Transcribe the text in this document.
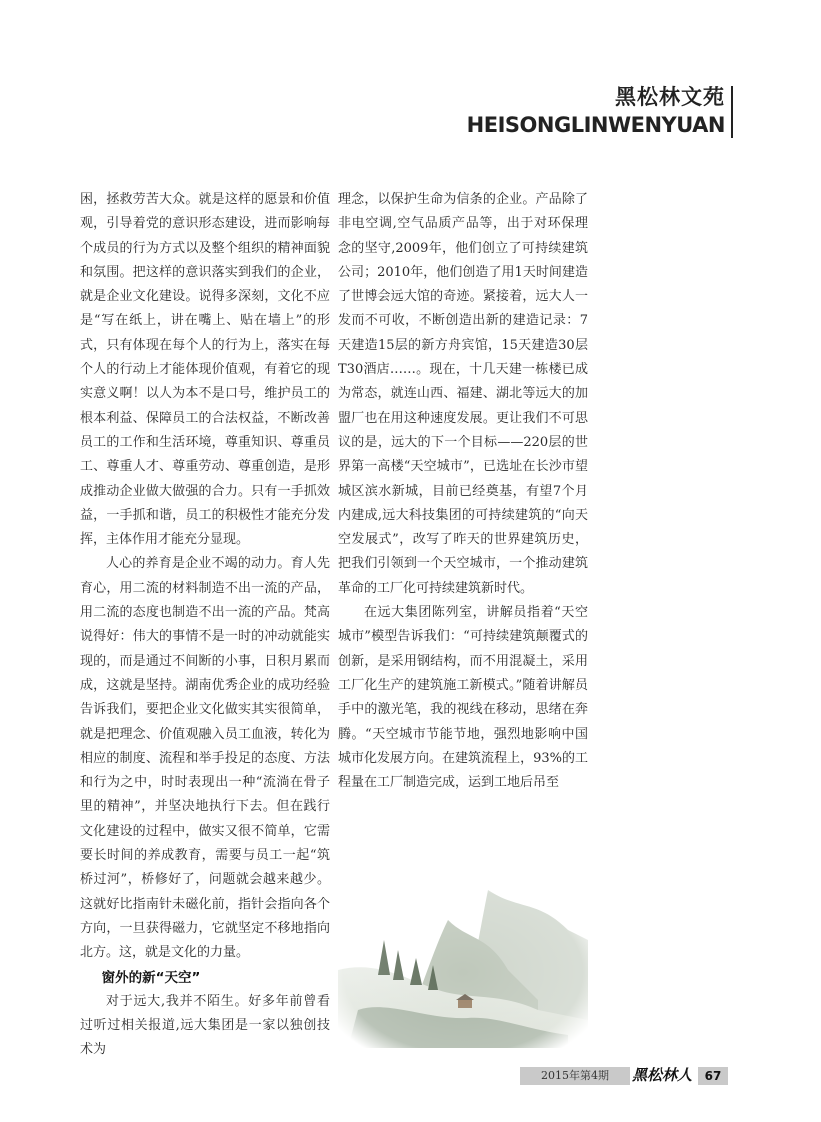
黑松林文苑
HEISONGLINWENYUAN

困，拯救劳苦大众。就是这样的愿景和价值观，引导着党的意识形态建设，进而影响每个成员的行为方式以及整个组织的精神面貌和氛围。把这样的意识落实到我们的企业，就是企业文化建设。说得多深刻，文化不应是“写在纸上，讲在嘴上、贴在墙上”的形式，只有体现在每个人的行为上，落实在每个人的行动上才能体现价值观，有着它的现实意义啊！以人为本不是口号，维护员工的根本利益、保障员工的合法权益，不断改善员工的工作和生活环境，尊重知识、尊重员工、尊重人才、尊重劳动、尊重创造，是形成推动企业做大做强的合力。只有一手抓效益，一手抓和谐，员工的积极性才能充分发挥，主体作用才能充分显现。

人心的养育是企业不竭的动力。育人先育心，用二流的材料制造不出一流的产品，用二流的态度也制造不出一流的产品。梵高说得好：伟大的事情不是一时的冲动就能实现的，而是通过不间断的小事，日积月累而成，这就是坚持。湖南优秀企业的成功经验告诉我们，要把企业文化做实其实很简单，就是把理念、价值观融入员工血液，转化为相应的制度、流程和举手投足的态度、方法和行为之中，时时表现出一种“流淌在骨子里的精神”，并坚决地执行下去。但在践行文化建设的过程中，做实又很不简单，它需要长时间的养成教育，需要与员工一起“筑桥过河”，桥修好了，问题就会越来越少。这就好比指南针未磁化前，指针会指向各个方向，一旦获得磁力，它就坚定不移地指向北方。这，就是文化的力量。

窗外的新“天空”

对于远大,我并不陌生。好多年前曾看过听过相关报道,远大集团是一家以独创技术为

理念，以保护生命为信条的企业。产品除了非电空调,空气品质产品等，出于对环保理念的坚守,2009年，他们创立了可持续建筑公司；2010年，他们创造了用1天时间建造了世博会远大馆的奇迹。紧接着，远大人一发而不可收，不断创造出新的建造记录：7天建造15层的新方舟宾馆，15天建造30层T30酒店……。现在，十几天建一栋楼已成为常态，就连山西、福建、湖北等远大的加盟厂也在用这种速度发展。更让我们不可思议的是，远大的下一个目标——220层的世界第一高楼“天空城市”，已选址在长沙市望城区滨水新城，目前已经奠基，有望7个月内建成,远大科技集团的可持续建筑的“向天空发展式”，改写了昨天的世界建筑历史，把我们引领到一个天空城市，一个推动建筑革命的工厂化可持续建筑新时代。

在远大集团陈列室，讲解员指着“天空城市”模型告诉我们：“可持续建筑颠覆式的创新，是采用钢结构，而不用混凝土，采用工厂化生产的建筑施工新模式。”随着讲解员手中的激光笔，我的视线在移动，思绪在奔腾。“天空城市节能节地，强烈地影响中国城市化发展方向。在建筑流程上，93%的工程量在工厂制造完成，运到工地后吊至

2015年第4期	黑松林人	67
